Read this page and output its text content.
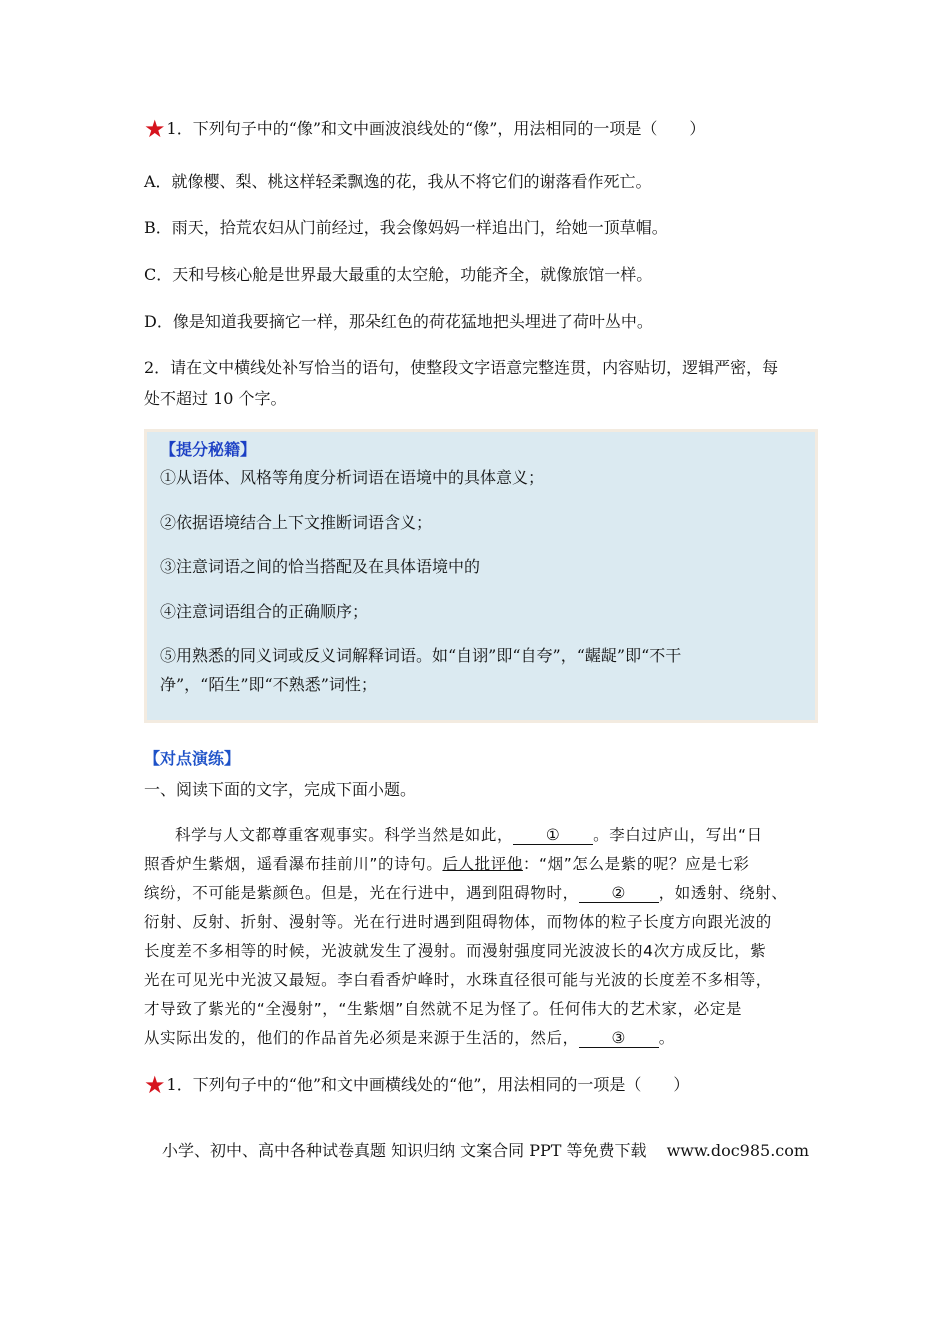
★1．下列句子中的“像”和文中画波浪线处的“像”，用法相同的一项是（　　）
A．就像樱、梨、桃这样轻柔飘逸的花，我从不将它们的谢落看作死亡。
B．雨天，拾荒农妇从门前经过，我会像妈妈一样追出门，给她一顶草帽。
C．天和号核心舱是世界最大最重的太空舱，功能齐全，就像旅馆一样。
D．像是知道我要摘它一样，那朵红色的荷花猛地把头埋进了荷叶丛中。
2．请在文中横线处补写恰当的语句，使整段文字语意完整连贯，内容贴切，逻辑严密，每
处不超过 10 个字。
【提分秘籍】
①从语体、风格等角度分析词语在语境中的具体意义；
②依据语境结合上下文推断词语含义；
③注意词语之间的恰当搭配及在具体语境中的
④注意词语组合的正确顺序；
⑤用熟悉的同义词或反义词解释词语。如“自诩”即“自夸”，“龌龊”即“不干
净”，“陌生”即“不熟悉”词性；
【对点演练】
一、阅读下面的文字，完成下面小题。
科学与人文都尊重客观事实。科学当然是如此， ① 。李白过庐山，写出“日
照香炉生紫烟，遥看瀑布挂前川”的诗句。后人批评他：“烟”怎么是紫的呢？应是七彩
缤纷，不可能是紫颜色。但是，光在行进中，遇到阻碍物时， ② ，如透射、绕射、
衍射、反射、折射、漫射等。光在行进时遇到阻碍物体，而物体的粒子长度方向跟光波的
长度差不多相等的时候，光波就发生了漫射。而漫射强度同光波波长的4次方成反比，紫
光在可见光中光波又最短。李白看香炉峰时，水珠直径很可能与光波的长度差不多相等，
才导致了紫光的“全漫射”，“生紫烟”自然就不足为怪了。任何伟大的艺术家，必定是
从实际出发的，他们的作品首先必须是来源于生活的，然后， ③ 。
★1．下列句子中的“他”和文中画横线处的“他”，用法相同的一项是（　　）
小学、初中、高中各种试卷真题 知识归纳 文案合同 PPT 等免费下载 www.doc985.com
